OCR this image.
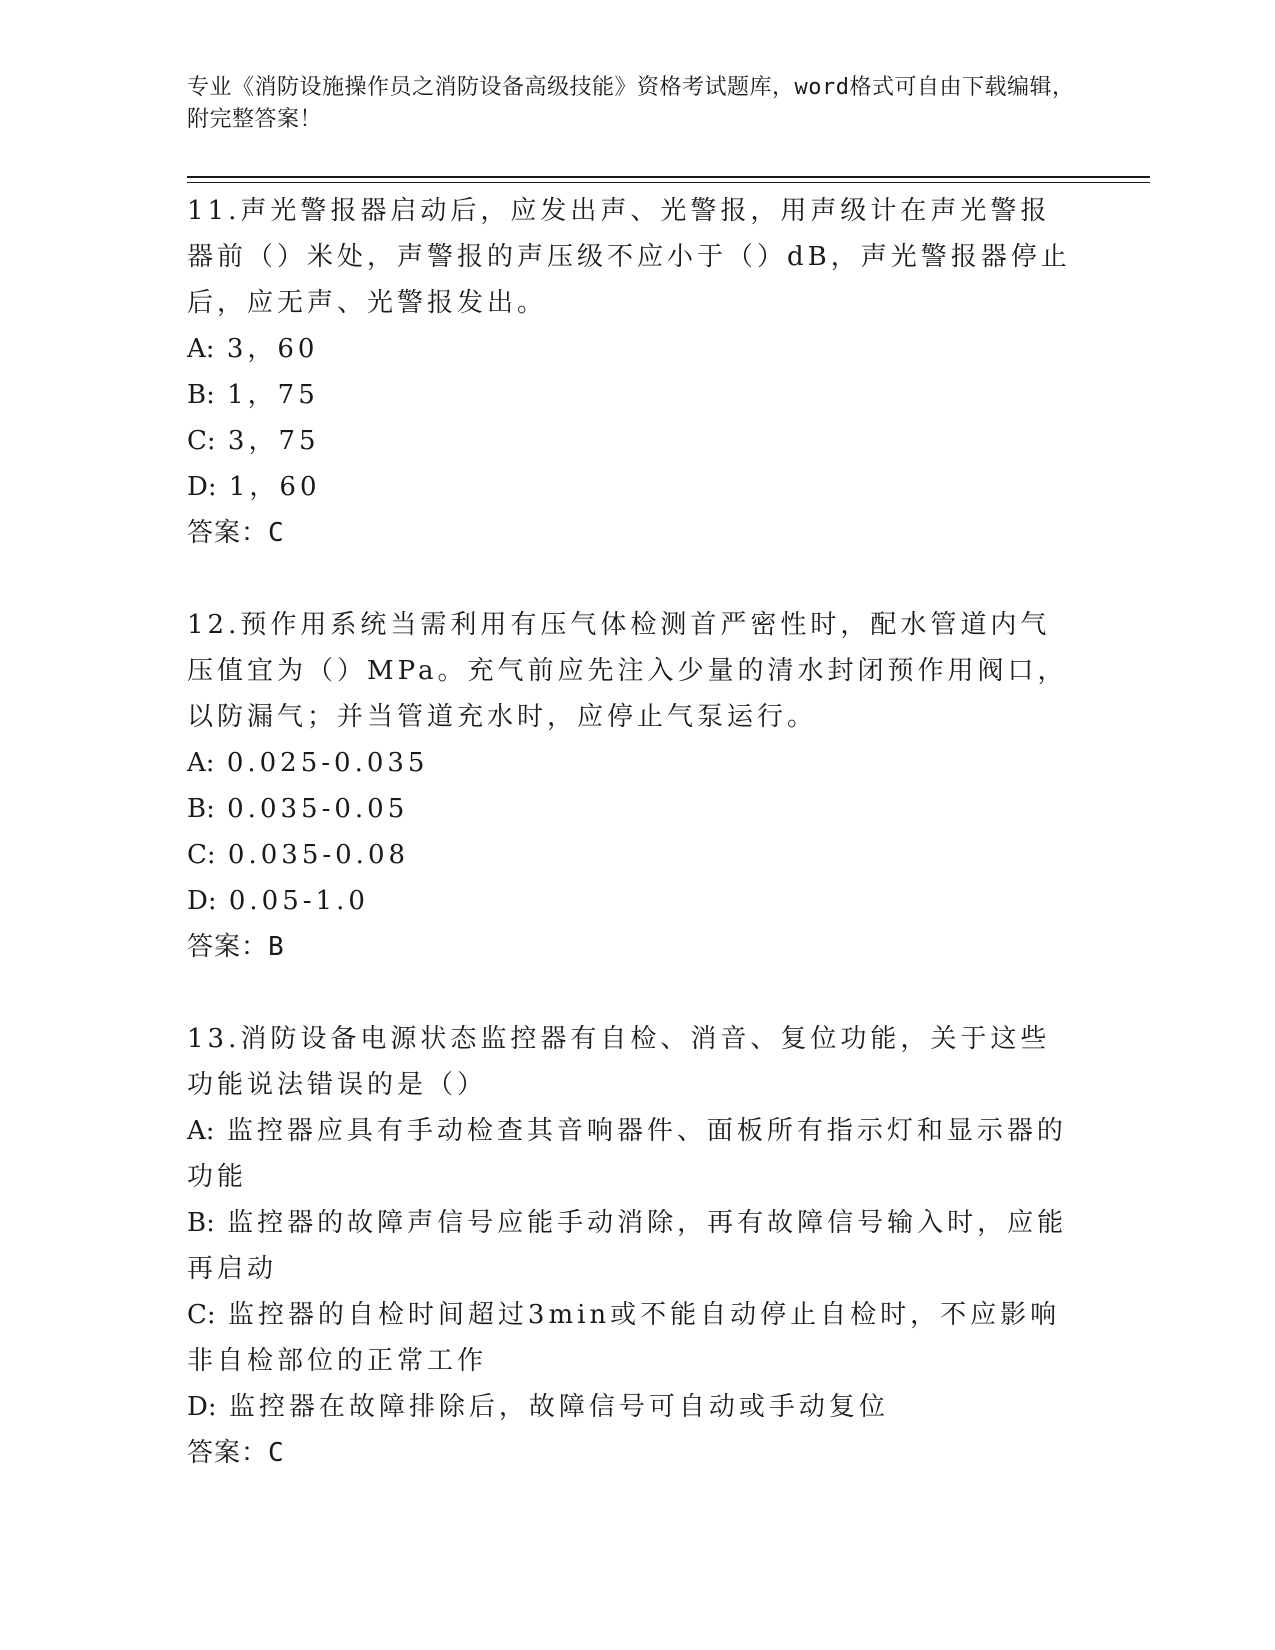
专业《消防设施操作员之消防设备高级技能》资格考试题库，word格式可自由下载编辑，附完整答案！
11.声光警报器启动后，应发出声、光警报，用声级计在声光警报器前（）米处，声警报的声压级不应小于（）dB，声光警报器停止后，应无声、光警报发出。
A: 3，60
B: 1，75
C: 3，75
D: 1，60
答案：C
12.预作用系统当需利用有压气体检测首严密性时，配水管道内气压值宜为（）MPa。充气前应先注入少量的清水封闭预作用阀口，以防漏气；并当管道充水时，应停止气泵运行。
A: 0.025-0.035
B: 0.035-0.05
C: 0.035-0.08
D: 0.05-1.0
答案：B
13.消防设备电源状态监控器有自检、消音、复位功能，关于这些功能说法错误的是（）
A: 监控器应具有手动检查其音响器件、面板所有指示灯和显示器的功能
B: 监控器的故障声信号应能手动消除，再有故障信号输入时，应能再启动
C: 监控器的自检时间超过3min或不能自动停止自检时，不应影响非自检部位的正常工作
D: 监控器在故障排除后，故障信号可自动或手动复位
答案：C
